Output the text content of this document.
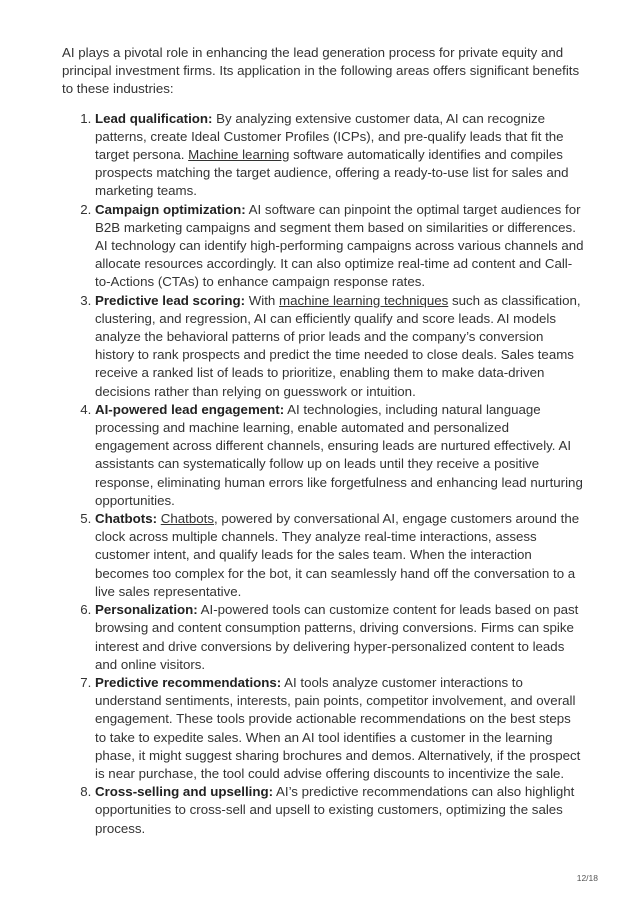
AI plays a pivotal role in enhancing the lead generation process for private equity and principal investment firms. Its application in the following areas offers significant benefits to these industries:

1. Lead qualification: By analyzing extensive customer data, AI can recognize patterns, create Ideal Customer Profiles (ICPs), and pre-qualify leads that fit the target persona. Machine learning software automatically identifies and compiles prospects matching the target audience, offering a ready-to-use list for sales and marketing teams.
2. Campaign optimization: AI software can pinpoint the optimal target audiences for B2B marketing campaigns and segment them based on similarities or differences. AI technology can identify high-performing campaigns across various channels and allocate resources accordingly. It can also optimize real-time ad content and Call-to-Actions (CTAs) to enhance campaign response rates.
3. Predictive lead scoring: With machine learning techniques such as classification, clustering, and regression, AI can efficiently qualify and score leads. AI models analyze the behavioral patterns of prior leads and the company’s conversion history to rank prospects and predict the time needed to close deals. Sales teams receive a ranked list of leads to prioritize, enabling them to make data-driven decisions rather than relying on guesswork or intuition.
4. AI-powered lead engagement: AI technologies, including natural language processing and machine learning, enable automated and personalized engagement across different channels, ensuring leads are nurtured effectively. AI assistants can systematically follow up on leads until they receive a positive response, eliminating human errors like forgetfulness and enhancing lead nurturing opportunities.
5. Chatbots: Chatbots, powered by conversational AI, engage customers around the clock across multiple channels. They analyze real-time interactions, assess customer intent, and qualify leads for the sales team. When the interaction becomes too complex for the bot, it can seamlessly hand off the conversation to a live sales representative.
6. Personalization: AI-powered tools can customize content for leads based on past browsing and content consumption patterns, driving conversions. Firms can spike interest and drive conversions by delivering hyper-personalized content to leads and online visitors.
7. Predictive recommendations: AI tools analyze customer interactions to understand sentiments, interests, pain points, competitor involvement, and overall engagement. These tools provide actionable recommendations on the best steps to take to expedite sales. When an AI tool identifies a customer in the learning phase, it might suggest sharing brochures and demos. Alternatively, if the prospect is near purchase, the tool could advise offering discounts to incentivize the sale.
8. Cross-selling and upselling: AI’s predictive recommendations can also highlight opportunities to cross-sell and upsell to existing customers, optimizing the sales process.
12/18
